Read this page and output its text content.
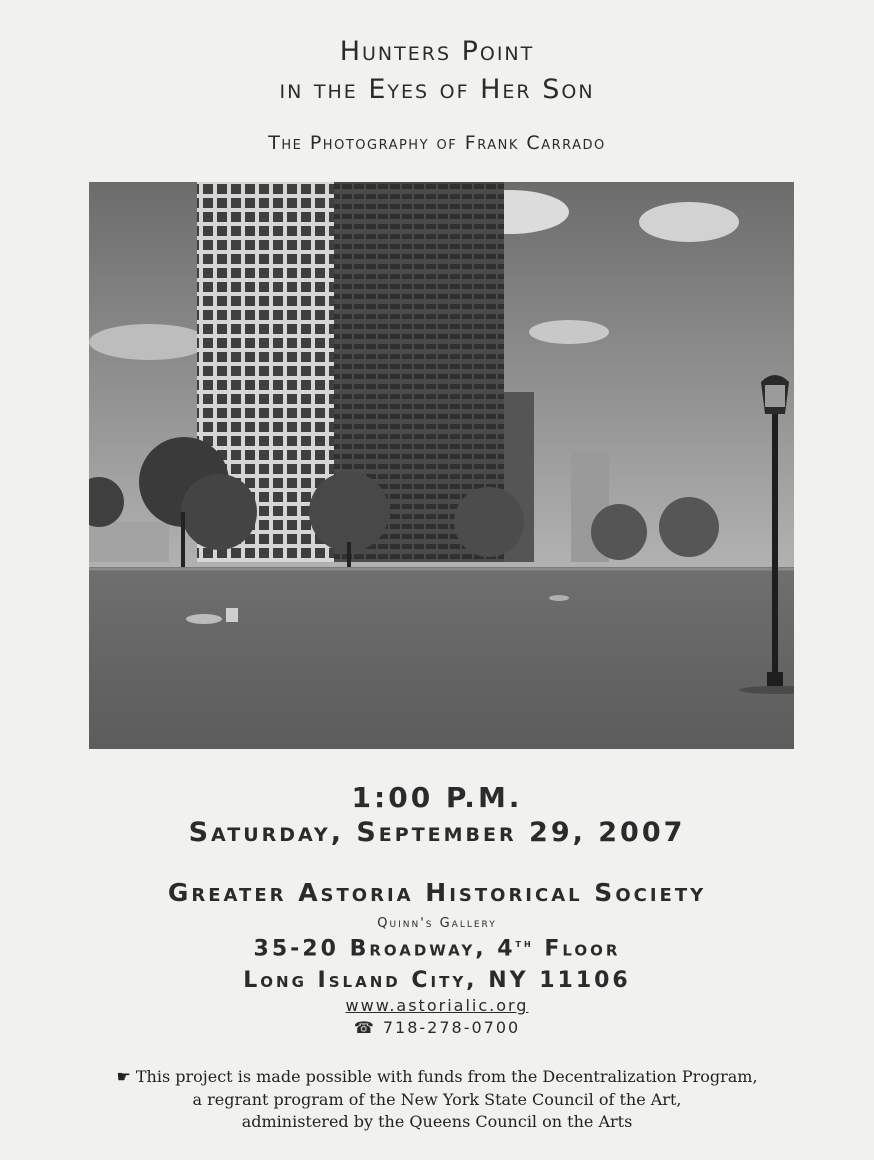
Hunters Point
in the Eyes of Her Son
The Photography of Frank Carrado
1:00 P.M.
Saturday, September 29, 2007
Greater Astoria Historical Society
Quinn's Gallery
35-20 Broadway, 4th Floor
Long Island City, NY 11106
www.astorialic.org
☎ 718-278-0700
☛ This project is made possible with funds from the Decentralization Program,
a regrant program of the New York State Council of the Art,
administered by the Queens Council on the Arts
